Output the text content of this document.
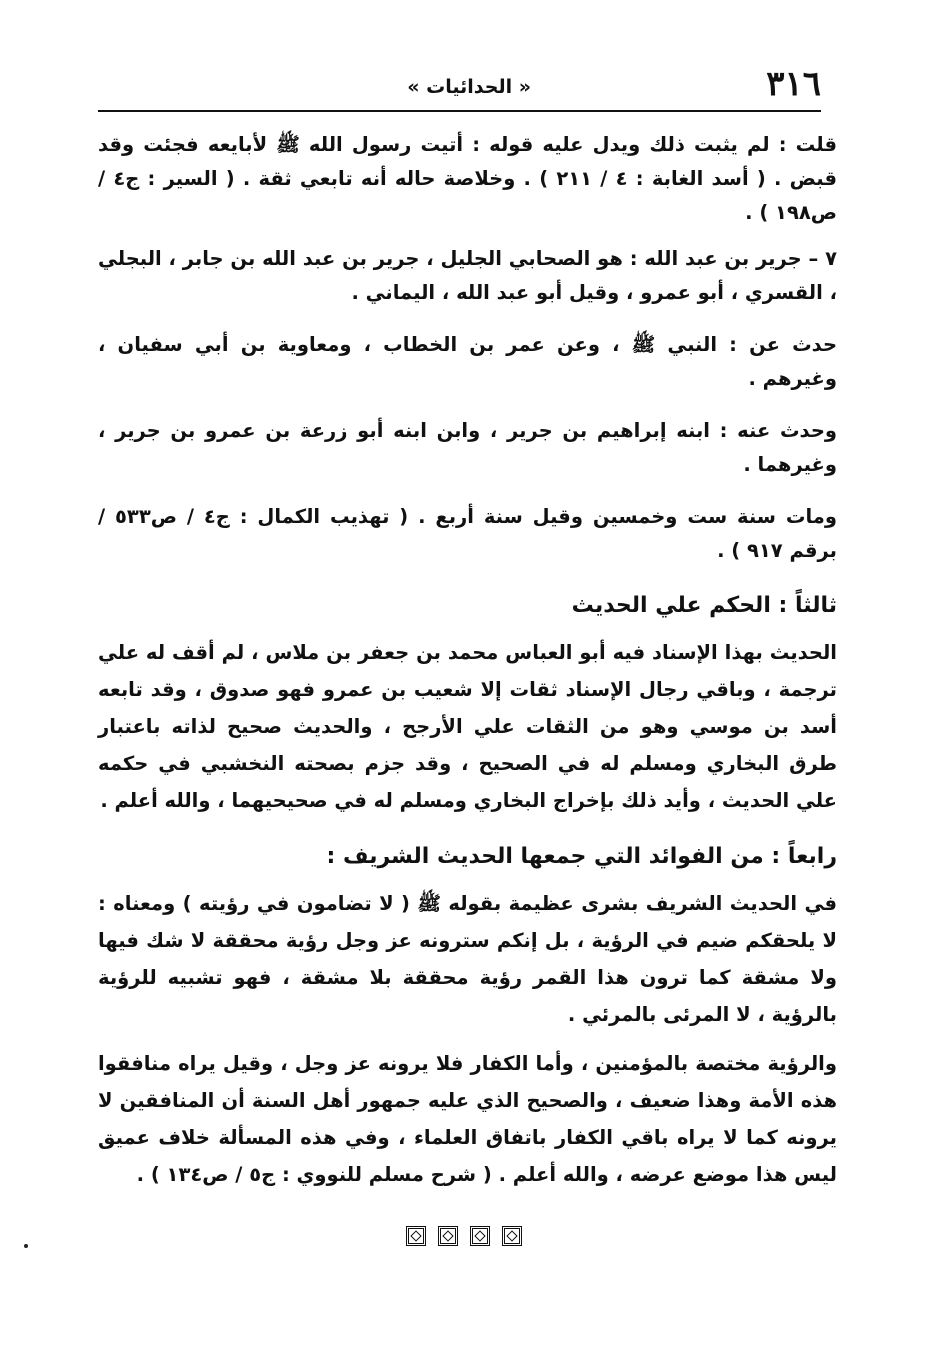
٣١٦
« الحدائيات »

قلت : لم يثبت ذلك ويدل عليه قوله : أتيت رسول الله ﷺ لأبايعه فجئت وقد قبض . ( أسد الغابة : ٤ / ٢١١ ) . وخلاصة حاله أنه تابعي ثقة . ( السير : ج٤ / ص١٩٨ ) .

٧ – جرير بن عبد الله : هو الصحابي الجليل ، جرير بن عبد الله بن جابر ، البجلي ، القسري ، أبو عمرو ، وقيل أبو عبد الله ، اليماني .

حدث عن : النبي ﷺ ، وعن عمر بن الخطاب ، ومعاوية بن أبي سفيان ، وغيرهم .

وحدث عنه : ابنه إبراهيم بن جرير ، وابن ابنه أبو زرعة بن عمرو بن جرير ، وغيرهما .

ومات سنة ست وخمسين وقيل سنة أربع . ( تهذيب الكمال : ج٤ / ص٥٣٣ / برقم ٩١٧ ) .

ثالثاً : الحكم علي الحديث

الحديث بهذا الإسناد فيه أبو العباس محمد بن جعفر بن ملاس ، لم أقف له علي ترجمة ، وباقي رجال الإسناد ثقات إلا شعيب بن عمرو فهو صدوق ، وقد تابعه أسد بن موسي وهو من الثقات علي الأرجح ، والحديث صحيح لذاته باعتبار طرق البخاري ومسلم له في الصحيح ، وقد جزم بصحته النخشبي في حكمه علي الحديث ، وأيد ذلك بإخراج البخاري ومسلم له في صحيحيهما ، والله أعلم .

رابعاً : من الفوائد التي جمعها الحديث الشريف :

في الحديث الشريف بشرى عظيمة بقوله ﷺ ( لا تضامون في رؤيته ) ومعناه : لا يلحقكم ضيم في الرؤية ، بل إنكم سترونه عز وجل رؤية محققة لا شك فيها ولا مشقة كما ترون هذا القمر رؤية محققة بلا مشقة ، فهو تشبيه للرؤية بالرؤية ، لا المرئى بالمرئي .

والرؤية مختصة بالمؤمنين ، وأما الكفار فلا يرونه عز وجل ، وقيل يراه منافقوا هذه الأمة وهذا ضعيف ، والصحيح الذي عليه جمهور أهل السنة أن المنافقين لا يرونه كما لا يراه باقي الكفار باتفاق العلماء ، وفي هذه المسألة خلاف عميق ليس هذا موضع عرضه ، والله أعلم . ( شرح مسلم للنووي : ج٥ / ص١٣٤ ) .
